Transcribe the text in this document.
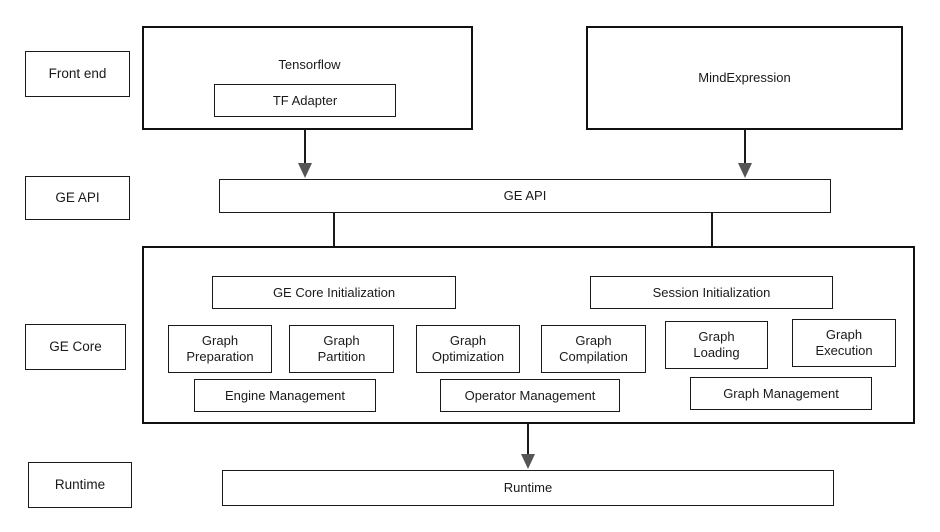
Front end
GE API
GE Core
Runtime
Tensorflow
TF Adapter
MindExpression
GE API
GE Core Initialization	Session Initialization
Graph
Preparation
Graph
Partition
Graph
Optimization
Graph
Compilation
Graph
Loading
Graph
Execution
Engine Management	Operator Management	Graph Management
Runtime
